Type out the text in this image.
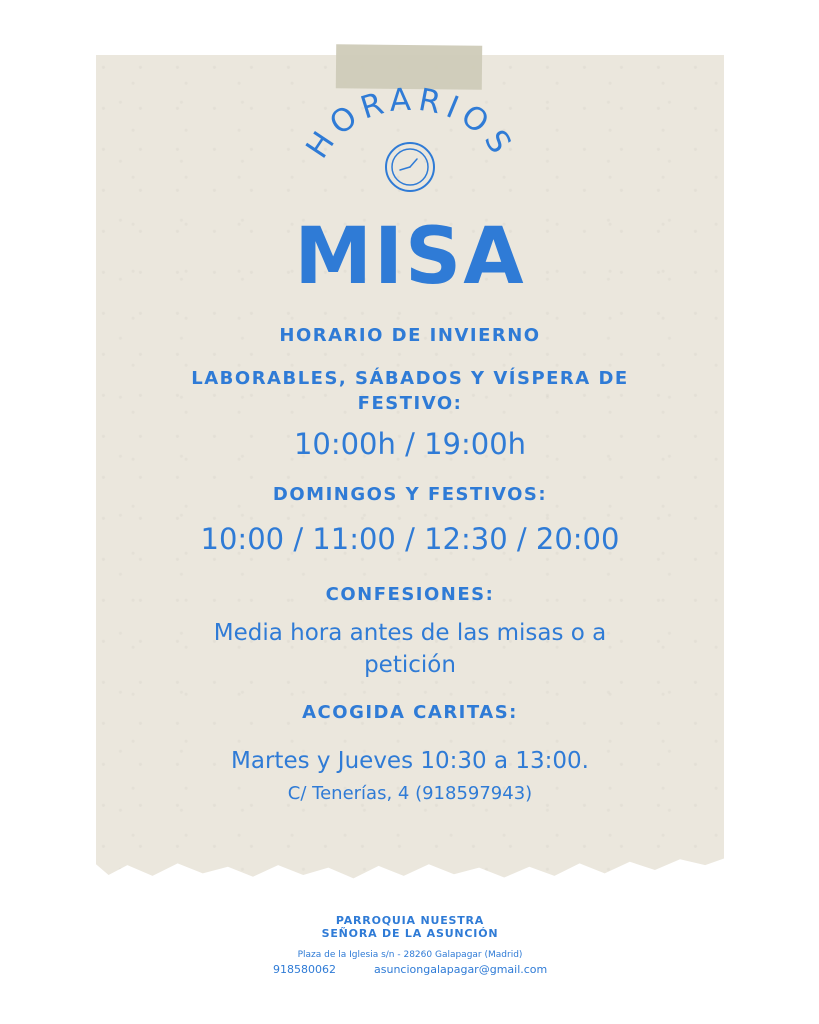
HORARIOS
MISA
HORARIO DE INVIERNO
LABORABLES, SÁBADOS Y VÍSPERA DE FESTIVO:
10:00h / 19:00h
DOMINGOS Y FESTIVOS:
10:00 / 11:00 / 12:30 / 20:00
CONFESIONES:
Media hora antes de las misas o a petición
ACOGIDA CARITAS:
Martes y Jueves 10:30 a 13:00.
C/ Tenerías, 4 (918597943)
PARROQUIA NUESTRA SEÑORA DE LA ASUNCIÓN
Plaza de la Iglesia s/n - 28260 Galapagar (Madrid)
918580062	asunciongalapagar@gmail.com
